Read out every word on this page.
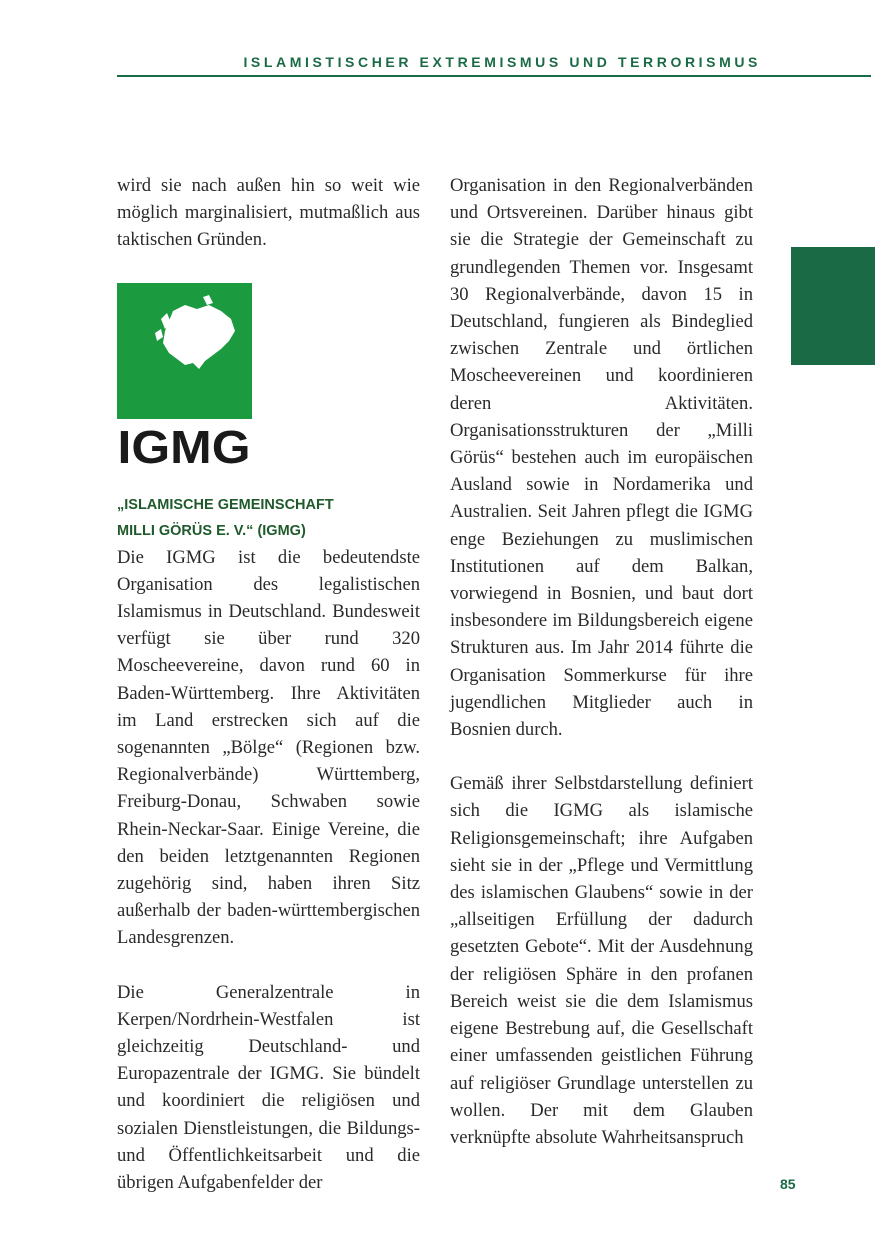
ISLAMISTISCHER EXTREMISMUS UND TERRORISMUS

wird sie nach außen hin so weit wie möglich marginalisiert, mutmaßlich aus taktischen Gründen.

IGMG
„ISLAMISCHE GEMEINSCHAFT
MILLI GÖRÜS E. V.“ (IGMG)

Die IGMG ist die bedeutendste Organisation des legalistischen Islamismus in Deutschland. Bundesweit verfügt sie über rund 320 Moscheevereine, davon rund 60 in Baden-Württemberg. Ihre Aktivitäten im Land erstrecken sich auf die sogenannten „Bölge“ (Regionen bzw. Regionalverbände) Württemberg, Freiburg-Donau, Schwaben sowie Rhein-Neckar-Saar. Einige Vereine, die den beiden letztgenannten Regionen zugehörig sind, haben ihren Sitz außerhalb der baden-württembergischen Landesgrenzen.

Die Generalzentrale in Kerpen/Nordrhein-Westfalen ist gleichzeitig Deutschland- und Europazentrale der IGMG. Sie bündelt und koordiniert die religiösen und sozialen Dienstleistungen, die Bildungs- und Öffentlichkeitsarbeit und die übrigen Aufgabenfelder der

Organisation in den Regionalverbänden und Ortsvereinen. Darüber hinaus gibt sie die Strategie der Gemeinschaft zu grundlegenden Themen vor. Insgesamt 30 Regionalverbände, davon 15 in Deutschland, fungieren als Bindeglied zwischen Zentrale und örtlichen Moscheevereinen und koordinieren deren Aktivitäten. Organisationsstrukturen der „Milli Görüs“ bestehen auch im europäischen Ausland sowie in Nordamerika und Australien. Seit Jahren pflegt die IGMG enge Beziehungen zu muslimischen Institutionen auf dem Balkan, vorwiegend in Bosnien, und baut dort insbesondere im Bildungsbereich eigene Strukturen aus. Im Jahr 2014 führte die Organisation Sommerkurse für ihre jugendlichen Mitglieder auch in Bosnien durch.

Gemäß ihrer Selbstdarstellung definiert sich die IGMG als islamische Religionsgemeinschaft; ihre Aufgaben sieht sie in der „Pflege und Vermittlung des islamischen Glaubens“ sowie in der „allseitigen Erfüllung der dadurch gesetzten Gebote“. Mit der Ausdehnung der religiösen Sphäre in den profanen Bereich weist sie die dem Islamismus eigene Bestrebung auf, die Gesellschaft einer umfassenden geistlichen Führung auf religiöser Grundlage unterstellen zu wollen. Der mit dem Glauben verknüpfte absolute Wahrheitsanspruch

85
